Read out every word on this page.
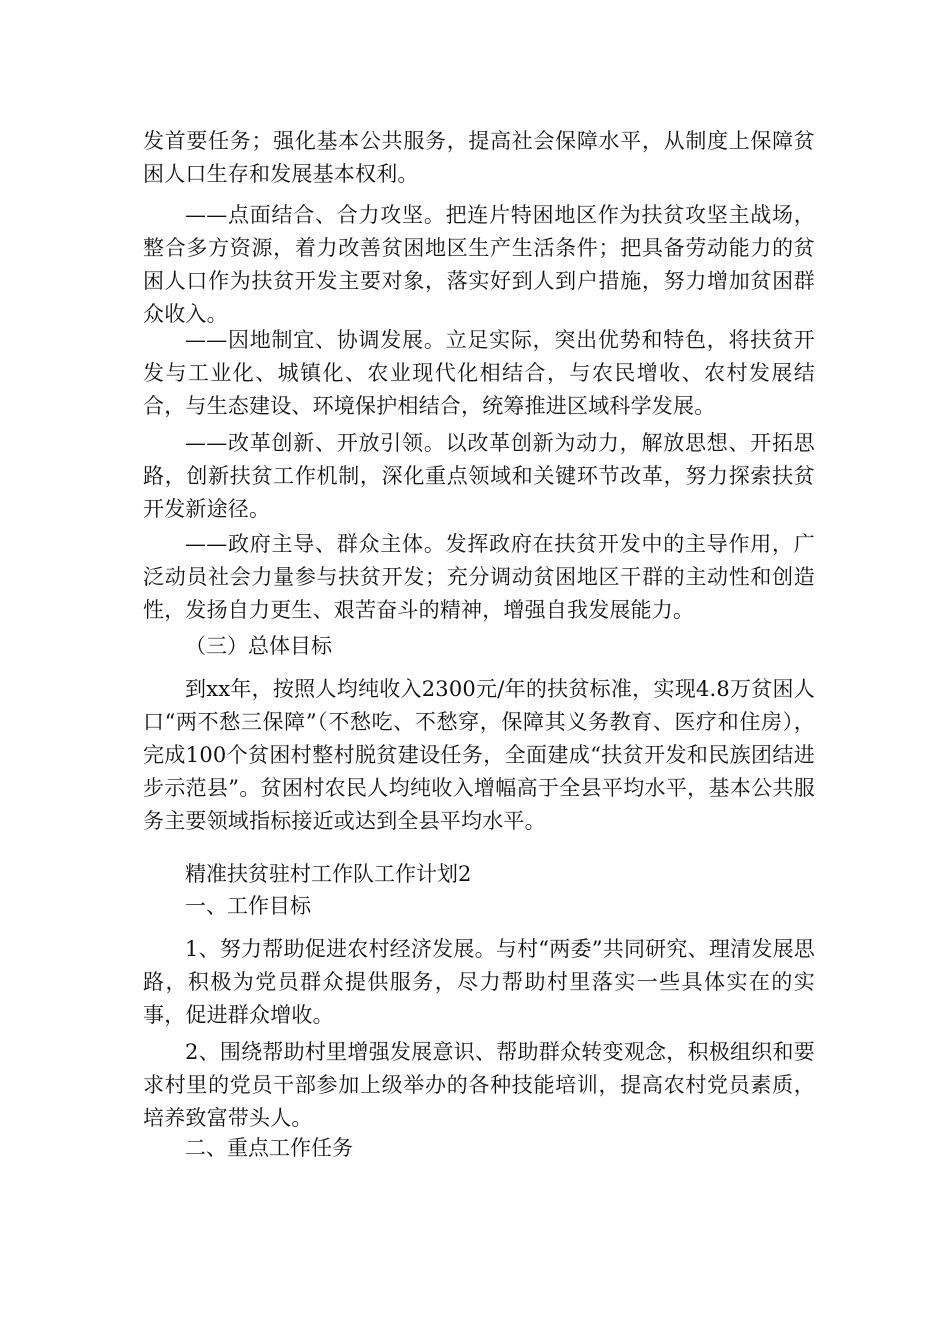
发首要任务；强化基本公共服务，提高社会保障水平，从制度上保障贫困人口生存和发展基本权利。

——点面结合、合力攻坚。把连片特困地区作为扶贫攻坚主战场，整合多方资源，着力改善贫困地区生产生活条件；把具备劳动能力的贫困人口作为扶贫开发主要对象，落实好到人到户措施，努力增加贫困群众收入。

——因地制宜、协调发展。立足实际，突出优势和特色，将扶贫开发与工业化、城镇化、农业现代化相结合，与农民增收、农村发展结合，与生态建设、环境保护相结合，统筹推进区域科学发展。

——改革创新、开放引领。以改革创新为动力，解放思想、开拓思路，创新扶贫工作机制，深化重点领域和关键环节改革，努力探索扶贫开发新途径。

——政府主导、群众主体。发挥政府在扶贫开发中的主导作用，广泛动员社会力量参与扶贫开发；充分调动贫困地区干群的主动性和创造性，发扬自力更生、艰苦奋斗的精神，增强自我发展能力。

（三）总体目标

到xx年，按照人均纯收入2300元/年的扶贫标准，实现4.8万贫困人口“两不愁三保障”（不愁吃、不愁穿，保障其义务教育、医疗和住房），完成100个贫困村整村脱贫建设任务，全面建成“扶贫开发和民族团结进步示范县”。贫困村农民人均纯收入增幅高于全县平均水平，基本公共服务主要领域指标接近或达到全县平均水平。

精准扶贫驻村工作队工作计划2

一、工作目标

1、努力帮助促进农村经济发展。与村“两委”共同研究、理清发展思路，积极为党员群众提供服务，尽力帮助村里落实一些具体实在的实事，促进群众增收。

2、围绕帮助村里增强发展意识、帮助群众转变观念，积极组织和要求村里的党员干部参加上级举办的各种技能培训，提高农村党员素质，培养致富带头人。

二、重点工作任务
